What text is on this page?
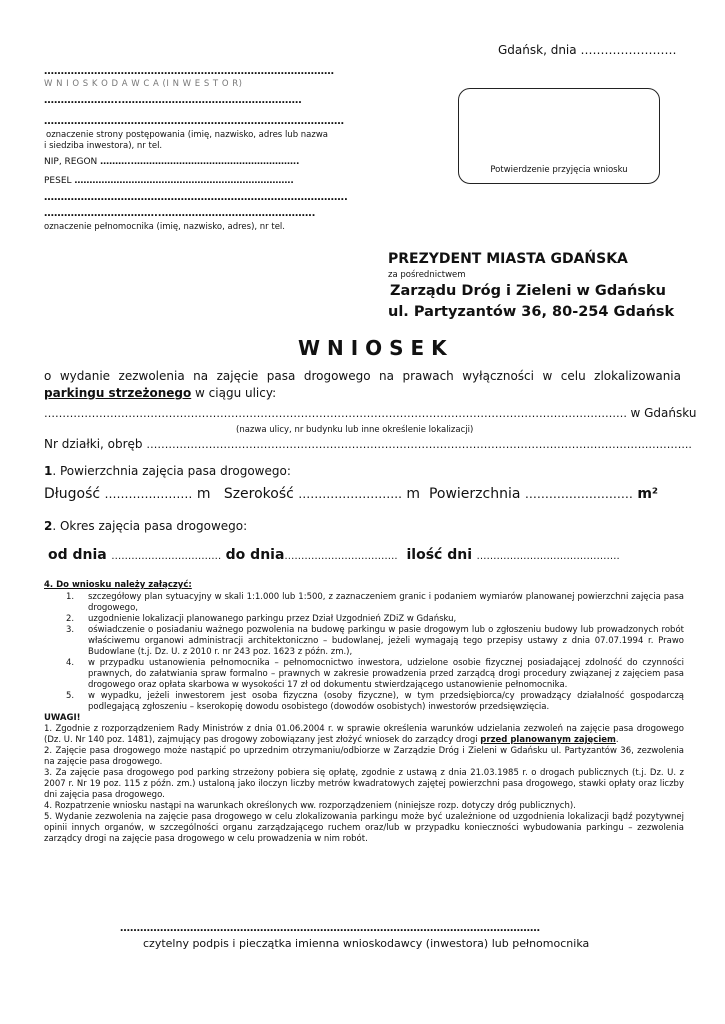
Gdańsk, dnia ……………………
……………………………………………………………………………
W N I O S K O D A W C A (I N W E S T O R)
…………………..………………………………………………
………………………………………………………………………………
oznaczenie strony postępowania (imię, nazwisko, adres lub nazwa
i siedziba inwestora), nr tel.
NIP, REGON ………..……………………………………………….
PESEL ……………………………………………………………….
……………………………………………………………………………….
……………………………..……………………………………….
oznaczenie pełnomocnika (imię, nazwisko, adres), nr tel.
Potwierdzenie przyjęcia wniosku
PREZYDENT MIASTA GDAŃSKA
za pośrednictwem
Zarządu Dróg i Zieleni w Gdańsku
ul. Partyzantów 36, 80-254 Gdańsk
W N I O S E K
o wydanie zezwolenia na zajęcie pasa drogowego na prawach wyłączności w celu zlokalizowania
parkingu strzeżonego w ciągu ulicy:
…………………………………………………………………………………………………………………………………………… w Gdańsku
(nazwa ulicy, nr budynku lub inne określenie lokalizacji)
Nr działki, obręb ………………………………………………………………………………………………………………………..………...
1. Powierzchnia zajęcia pasa drogowego:
Długość ………….……… m Szerokość …………………….. m Powierzchnia ……………………… m²
2. Okres zajęcia pasa drogowego:
od dnia …………………………… do dnia……………………………. ilość dni …………………………………….
4. Do wniosku należy załączyć:
1. szczegółowy plan sytuacyjny w skali 1:1.000 lub 1:500, z zaznaczeniem granic i podaniem wymiarów planowanej powierzchni zajęcia pasa drogowego,
2. uzgodnienie lokalizacji planowanego parkingu przez Dział Uzgodnień ZDiZ w Gdańsku,
3. oświadczenie o posiadaniu ważnego pozwolenia na budowę parkingu w pasie drogowym lub o zgłoszeniu budowy lub prowadzonych robót właściwemu organowi administracji architektoniczno – budowlanej, jeżeli wymagają tego przepisy ustawy z dnia 07.07.1994 r. Prawo Budowlane (t.j. Dz. U. z 2010 r. nr 243 poz. 1623 z późn. zm.),
4. w przypadku ustanowienia pełnomocnika – pełnomocnictwo inwestora, udzielone osobie fizycznej posiadającej zdolność do czynności prawnych, do załatwiania spraw formalno – prawnych w zakresie prowadzenia przed zarządcą drogi procedury związanej z zajęciem pasa drogowego oraz opłata skarbowa w wysokości 17 zł od dokumentu stwierdzającego ustanowienie pełnomocnika.
5. w wypadku, jeżeli inwestorem jest osoba fizyczna (osoby fizyczne), w tym przedsiębiorca/cy prowadzący działalność gospodarczą podlegającą zgłoszeniu – kserokopię dowodu osobistego (dowodów osobistych) inwestorów przedsięwzięcia.
UWAGI!
1. Zgodnie z rozporządzeniem Rady Ministrów z dnia 01.06.2004 r. w sprawie określenia warunków udzielania zezwoleń na zajęcie pasa drogowego (Dz. U. Nr 140 poz. 1481), zajmujący pas drogowy zobowiązany jest złożyć wniosek do zarządcy drogi przed planowanym zajęciem.
2. Zajęcie pasa drogowego może nastąpić po uprzednim otrzymaniu/odbiorze w Zarządzie Dróg i Zieleni w Gdańsku ul. Partyzantów 36, zezwolenia na zajęcie pasa drogowego.
3. Za zajęcie pasa drogowego pod parking strzeżony pobiera się opłatę, zgodnie z ustawą z dnia 21.03.1985 r. o drogach publicznych (t.j. Dz. U. z 2007 r. Nr 19 poz. 115 z późn. zm.) ustaloną jako iloczyn liczby metrów kwadratowych zajętej powierzchni pasa drogowego, stawki opłaty oraz liczby dni zajęcia pasa drogowego.
4. Rozpatrzenie wniosku nastąpi na warunkach określonych ww. rozporządzeniem (niniejsze rozp. dotyczy dróg publicznych).
5. Wydanie zezwolenia na zajęcie pasa drogowego w celu zlokalizowania parkingu może być uzależnione od uzgodnienia lokalizacji bądź pozytywnej opinii innych organów, w szczególności organu zarządzającego ruchem oraz/lub w przypadku konieczności wybudowania parkingu – zezwolenia zarządcy drogi na zajęcie pasa drogowego w celu prowadzenia w nim robót.
………………………………………………………………………………………………………………
czytelny podpis i pieczątka imienna wnioskodawcy (inwestora) lub pełnomocnika
